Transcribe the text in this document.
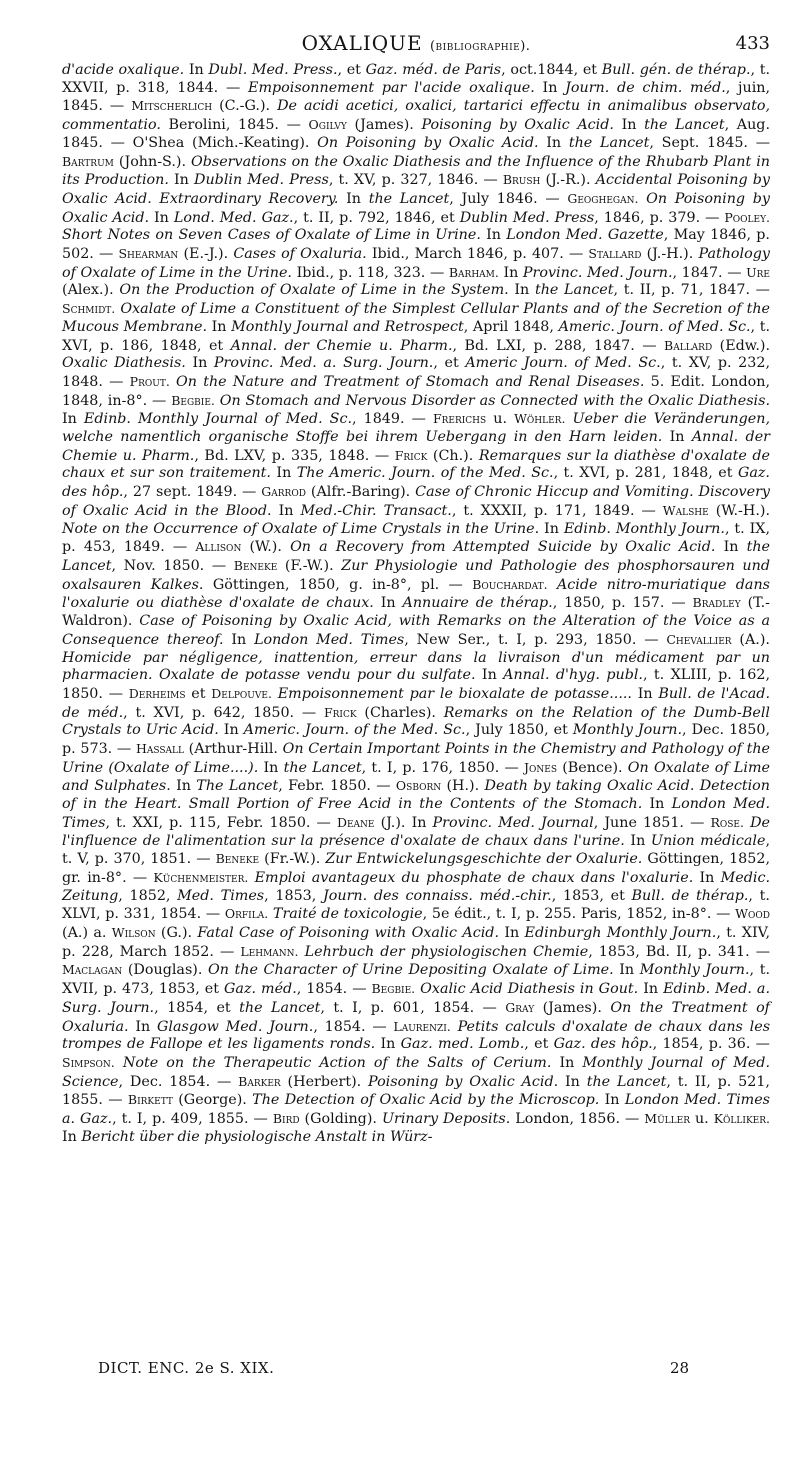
OXALIQUE (bibliographie).	433
d'acide oxalique. In Dubl. Med. Press., et Gaz. méd. de Paris, oct.1844, et Bull. gén. de thérap., t. XXVII, p. 318, 1844. — Empoisonnement par l'acide oxalique. In Journ. de chim. méd., juin, 1845. — Mitscherlich (C.-G.). De acidi acetici, oxalici, tartarici effectu in animalibus observato, commentatio. Berolini, 1845. — Ogilvy (James). Poisoning by Oxalic Acid. In the Lancet, Aug. 1845. — O'Shea (Mich.-Keating). On Poisoning by Oxalic Acid. In the Lancet, Sept. 1845. — Bartrum (John-S.). Observations on the Oxalic Diathesis and the Influence of the Rhubarb Plant in its Production. In Dublin Med. Press, t. XV, p. 327, 1846. — Brush (J.-R.). Accidental Poisoning by Oxalic Acid. Extraordinary Recovery. In the Lancet, July 1846. — Geoghegan. On Poisoning by Oxalic Acid. In Lond. Med. Gaz., t. II, p. 792, 1846, et Dublin Med. Press, 1846, p. 379. — Pooley. Short Notes on Seven Cases of Oxalate of Lime in Urine. In London Med. Gazette, May 1846, p. 502. — Shearman (E.-J.). Cases of Oxaluria. Ibid., March 1846, p. 407. — Stallard (J.-H.). Pathology of Oxalate of Lime in the Urine. Ibid., p. 118, 323. — Barham. In Provinc. Med. Journ., 1847. — Ure (Alex.). On the Production of Oxalate of Lime in the System. In the Lancet, t. II, p. 71, 1847. — Schmidt. Oxalate of Lime a Constituent of the Simplest Cellular Plants and of the Secretion of the Mucous Membrane. In Monthly Journal and Retrospect, April 1848, Americ. Journ. of Med. Sc., t. XVI, p. 186, 1848, et Annal. der Chemie u. Pharm., Bd. LXI, p. 288, 1847. — Ballard (Edw.). Oxalic Diathesis. In Provinc. Med. a. Surg. Journ., et Americ Journ. of Med. Sc., t. XV, p. 232, 1848. — Prout. On the Nature and Treatment of Stomach and Renal Diseases. 5. Edit. London, 1848, in-8°. — Begbie. On Stomach and Nervous Disorder as Connected with the Oxalic Diathesis. In Edinb. Monthly Journal of Med. Sc., 1849. — Frerichs u. Wöhler. Ueber die Veränderungen, welche namentlich organische Stoffe bei ihrem Uebergang in den Harn leiden. In Annal. der Chemie u. Pharm., Bd. LXV, p. 335, 1848. — Frick (Ch.). Remarques sur la diathèse d'oxalate de chaux et sur son traitement. In The Americ. Journ. of the Med. Sc., t. XVI, p. 281, 1848, et Gaz. des hôp., 27 sept. 1849. — Garrod (Alfr.-Baring). Case of Chronic Hiccup and Vomiting. Discovery of Oxalic Acid in the Blood. In Med.-Chir. Transact., t. XXXII, p. 171, 1849. — Walshe (W.-H.). Note on the Occurrence of Oxalate of Lime Crystals in the Urine. In Edinb. Monthly Journ., t. IX, p. 453, 1849. — Allison (W.). On a Recovery from Attempted Suicide by Oxalic Acid. In the Lancet, Nov. 1850. — Beneke (F.-W.). Zur Physiologie und Pathologie des phosphorsauren und oxalsauren Kalkes. Göttingen, 1850, g. in-8°, pl. — Bouchardat. Acide nitro-muriatique dans l'oxalurie ou diathèse d'oxalate de chaux. In Annuaire de thérap., 1850, p. 157. — Bradley (T.-Waldron). Case of Poisoning by Oxalic Acid, with Remarks on the Alteration of the Voice as a Consequence thereof. In London Med. Times, New Ser., t. I, p. 293, 1850. — Chevallier (A.). Homicide par négligence, inattention, erreur dans la livraison d'un médicament par un pharmacien. Oxalate de potasse vendu pour du sulfate. In Annal. d'hyg. publ., t. XLIII, p. 162, 1850. — Derheims et Delpouve. Empoisonnement par le bioxalate de potasse..... In Bull. de l'Acad. de méd., t. XVI, p. 642, 1850. — Frick (Charles). Remarks on the Relation of the Dumb-Bell Crystals to Uric Acid. In Americ. Journ. of the Med. Sc., July 1850, et Monthly Journ., Dec. 1850, p. 573. — Hassall (Arthur-Hill. On Certain Important Points in the Chemistry and Pathology of the Urine (Oxalate of Lime....). In the Lancet, t. I, p. 176, 1850. — Jones (Bence). On Oxalate of Lime and Sulphates. In The Lancet, Febr. 1850. — Osborn (H.). Death by taking Oxalic Acid. Detection of in the Heart. Small Portion of Free Acid in the Contents of the Stomach. In London Med. Times, t. XXI, p. 115, Febr. 1850. — Deane (J.). In Provinc. Med. Journal, June 1851. — Rose. De l'influence de l'alimentation sur la présence d'oxalate de chaux dans l'urine. In Union médicale, t. V, p. 370, 1851. — Beneke (Fr.-W.). Zur Entwickelungsgeschichte der Oxalurie. Göttingen, 1852, gr. in-8°. — Küchenmeister. Emploi avantageux du phosphate de chaux dans l'oxalurie. In Medic. Zeitung, 1852, Med. Times, 1853, Journ. des connaiss. méd.-chir., 1853, et Bull. de thérap., t. XLVI, p. 331, 1854. — Orfila. Traité de toxicologie, 5e édit., t. I, p. 255. Paris, 1852, in-8°. — Wood (A.) a. Wilson (G.). Fatal Case of Poisoning with Oxalic Acid. In Edinburgh Monthly Journ., t. XIV, p. 228, March 1852. — Lehmann. Lehrbuch der physiologischen Chemie, 1853, Bd. II, p. 341. — Maclagan (Douglas). On the Character of Urine Depositing Oxalate of Lime. In Monthly Journ., t. XVII, p. 473, 1853, et Gaz. méd., 1854. — Begbie. Oxalic Acid Diathesis in Gout. In Edinb. Med. a. Surg. Journ., 1854, et the Lancet, t. I, p. 601, 1854. — Gray (James). On the Treatment of Oxaluria. In Glasgow Med. Journ., 1854. — Laurenzi. Petits calculs d'oxalate de chaux dans les trompes de Fallope et les ligaments ronds. In Gaz. med. Lomb., et Gaz. des hôp., 1854, p. 36. — Simpson. Note on the Therapeutic Action of the Salts of Cerium. In Monthly Journal of Med. Science, Dec. 1854. — Barker (Herbert). Poisoning by Oxalic Acid. In the Lancet, t. II, p. 521, 1855. — Birkett (George). The Detection of Oxalic Acid by the Microscop. In London Med. Times a. Gaz., t. I, p. 409, 1855. — Bird (Golding). Urinary Deposits. London, 1856. — Müller u. Kölliker. In Bericht über die physiologische Anstalt in Würz-
DICT. ENC. 2e S. XIX.	28
